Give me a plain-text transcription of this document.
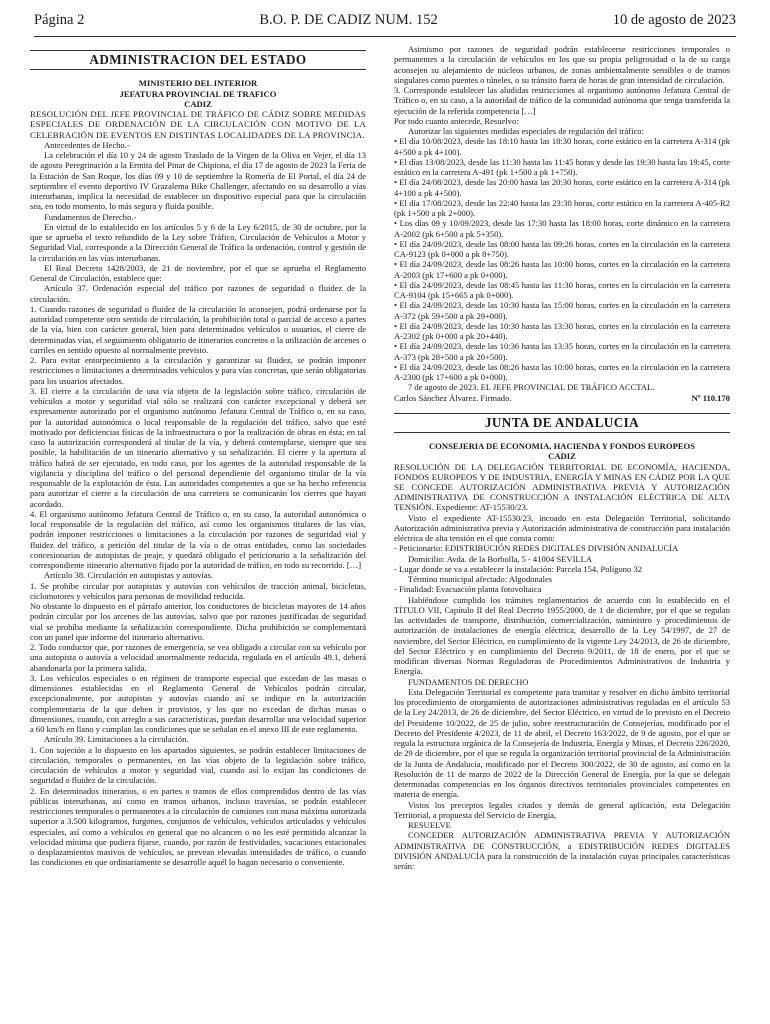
Página 2	B.O. P. DE CADIZ NUM. 152	10 de agosto de 2023
ADMINISTRACION DEL ESTADO

MINISTERIO DEL INTERIOR

JEFATURA PROVINCIAL DE TRAFICO

CADIZ

RESOLUCIÓN DEL JEFE PROVINCIAL DE TRÁFICO DE CÁDIZ SOBRE MEDIDAS ESPECIALES DE ORDENACIÓN DE LA CIRCULACIÓN CON MOTIVO DE LA CELEBRACIÓN DE EVENTOS EN DISTINTAS LOCALIDADES DE LA PROVINCIA.

Antecedentes de Hecho.-

La celebración el día 10 y 24 de agosto Traslado de la Virgen de la Oliva en Vejer, el día 13 de agosto Peregrinación a la Ermita del Pinar de Chipiona, el día 17 de agosto de 2023 la Feria de la Estación de San Roque, los días 09 y 10 de septiembre la Romería de El Portal, el día 24 de septiembre el evento deportivo IV Grazalema Bike Challenger, afectando en su desarrollo a vías interurbanas, implica la necesidad de establecer un dispositivo especial para que la circulación sea, en todo momento, lo más segura y fluida posible.

Fundamentos de Derecho.-

En virtud de lo establecido en los artículos 5 y 6 de la Ley 6/2015, de 30 de octubre, por la que se aprueba el texto refundido de la Ley sobre Tráfico, Circulación de Vehículos a Motor y Seguridad Vial, corresponde a la Dirección General de Tráfico la ordenación, control y gestión de la circulación en las vías interurbanas.

El Real Decreto 1428/2003, de 21 de noviembre, por el que se aprueba el Reglamento General de Circulación, establece que:

Artículo 37. Ordenación especial del tráfico por razones de seguridad o fluidez de la circulación.

1. Cuando razones de seguridad o fluidez de la circulación lo aconsejen, podrá ordenarse por la autoridad competente otro sentido de circulación, la prohibición total o parcial de acceso a partes de la vía, bien con carácter general, bien para determinados vehículos o usuarios, el cierre de determinadas vías, el seguimiento obligatorio de itinerarios concretos o la utilización de arcenes o carriles en sentido opuesto al normalmente previsto.

2. Para evitar entorpecimiento a la circulación y garantizar su fluidez, se podrán imponer restricciones o limitaciones a determinados vehículos y para vías concretas, que serán obligatorias para los usuarios afectados.

3. El cierre a la circulación de una vía objeto de la legislación sobre tráfico, circulación de vehículos a motor y seguridad vial sólo se realizará con carácter excepcional y deberá ser expresamente autorizado por el organismo autónomo Jefatura Central de Tráfico o, en su caso, por la autoridad autonómica o local responsable de la regulación del tráfico, salvo que esté motivado por deficiencias físicas de la infraestructura o por la realización de obras en ésta; en tal caso la autorización corresponderá al titular de la vía, y deberá contemplarse, siempre que sea posible, la habilitación de un itinerario alternativo y su señalización. El cierre y la apertura al tráfico habrá de ser ejecutado, en todo caso, por los agentes de la autoridad responsable de la vigilancia y disciplina del tráfico o del personal dependiente del organismo titular de la vía responsable de la explotación de ésta. Las autoridades competentes a que se ha hecho referencia para autorizar el cierre a la circulación de una carretera se comunicarán los cierres que hayan acordado.

4. El organismo autónomo Jefatura Central de Tráfico o, en su caso, la autoridad autonómica o local responsable de la regulación del tráfico, así como los organismos titulares de las vías, podrán imponer restricciones o limitaciones a la circulación por razones de seguridad vial y fluidez del tráfico, a petición del titular de la vía o de otras entidades, como las sociedades concesionarias de autopistas de peaje, y quedará obligado el peticionario a la señalización del correspondiente itinerario alternativo fijado por la autoridad de tráfico, en todo su recorrido. […]

Artículo 38. Circulación en autopistas y autovías.

1. Se prohíbe circular por autopistas y autovías con vehículos de tracción animal, bicicletas, ciclomotores y vehículos para personas de movilidad reducida.

No obstante lo dispuesto en el párrafo anterior, los conductores de bicicletas mayores de 14 años podrán circular por los arcenes de las autovías, salvo que por razones justificadas de seguridad vial se prohíba mediante la señalización correspondiente. Dicha prohibición se complementará con un panel que informe del itinerario alternativo.

2. Todo conductor que, por razones de emergencia, se vea obligado a circular con su vehículo por una autopista o autovía a velocidad anormalmente reducida, regulada en el artículo 49.1, deberá abandonarla por la primera salida.

3. Los vehículos especiales o en régimen de transporte especial que excedan de las masas o dimensiones establecidas en el Reglamento General de Vehículos podrán circular, excepcionalmente, por autopistas y autovías cuando así se indique en la autorización complementaria de la que deben ir provistos, y los que no excedan de dichas masas o dimensiones, cuando, con arreglo a sus características, puedan desarrollar una velocidad superior a 60 km/h en llano y cumplan las condiciones que se señalan en el anexo III de este reglamento.

Artículo 39. Limitaciones a la circulación.

1. Con sujeción a lo dispuesto en los apartados siguientes, se podrán establecer limitaciones de circulación, temporales o permanentes, en las vías objeto de la legislación sobre tráfico, circulación de vehículos a motor y seguridad vial, cuando así lo exijan las condiciones de seguridad o fluidez de la circulación.

2. En determinados itinerarios, o en partes o tramos de ellos comprendidos dentro de las vías públicas interurbanas, así como en tramos urbanos, incluso travesías, se podrán establecer restricciones temporales o permanentes a la circulación de camiones con masa máxima autorizada superior a 3.500 kilogramos, furgones, conjuntos de vehículos, vehículos articulados y vehículos especiales, así como a vehículos en general que no alcancen o no les esté permitido alcanzar la velocidad mínima que pudiera fijarse, cuando, por razón de festividades, vacaciones estacionales o desplazamientos masivos de vehículos, se prevean elevadas intensidades de tráfico, o cuando las condiciones en que ordinariamente se desarrolle aquél lo hagan necesario o conveniente.

Asimismo por razones de seguridad podrán establecerse restricciones temporales o permanentes a la circulación de vehículos en los que su propia peligrosidad o la de su carga aconsejen su alejamiento de núcleos urbanos, de zonas ambientalmente sensibles o de tramos singulares como puentes o túneles, o su tránsito fuera de horas de gran intensidad de circulación.

3. Corresponde establecer las aludidas restricciones al organismo autónomo Jefatura Central de Tráfico o, en su caso, a la autoridad de tráfico de la comunidad autónoma que tenga transferida la ejecución de la referida competencia […]

Por todo cuanto antecede, Resuelvo:

Autorizar las siguientes medidas especiales de regulación del tráfico:

• El día 10/08/2023, desde las 18:10 hasta las 18:30 horas, corte estático en la carretera A-314 (pk 4+500 a pk 4+100).

• El días 13/08/2023, desde las 11:30 hasta las 11:45 horas y desde las 19:30 hasta las 19:45, corte estático en la carretera A-491 (pk 1+500 a pk 1+750).

• El día 24/08/2023, desde las 20:00 hasta las 20:30 horas, corte estático en la carretera A-314 (pk 4+100 a pk 4+500).

• El día 17/08/2023, desde las 22:40 hasta las 23:30 horas, corte estático en la carretera A-405-R2 (pk 1+500 a pk 2+000).

• Los días 09 y 10/09/2023, desde las 17:30 hasta las 18:00 horas, corte dinámico en la carretera A-2002 (pk 6+500 a pk 5+350).

• El día 24/09/2023, desde las 08:00 hasta las 09:26 horas, cortes en la circulación en la carretera CA-9123 (pk 0+000 a pk 8+750).

• El día 24/09/2023, desde las 08:26 hasta las 10:00 horas, cortes en la circulación en la carretera A-2003 (pk 17+600 a pk 0+000).

• El día 24/09/2023, desde las 08:45 hasta las 11:30 horas, cortes en la circulación en la carretera CA-9104 (pk 15+665 a pk 0+000).

• El día 24/09/2023, desde las 10:30 hasta las 15:00 horas, cortes en la circulación en la carretera A-372 (pk 59+500 a pk 29+000).

• El día 24/09/2023, desde las 10:30 hasta las 13:30 horas, cortes en la circulación en la carretera A-2302 (pk 0+000 a pk 20+440).

• El día 24/09/2023, desde las 10:36 hasta las 13:35 horas, cortes en la circulación en la carretera A-373 (pk 28+500 a pk 20+500).

• El día 24/09/2023, desde las 08:26 hasta las 10:00 horas, cortes en la circulación en la carretera A-2300 (pk 17+600 a pk 0+000).

7 de agosto de 2023. EL JEFE PROVINCIAL DE TRÁFICO ACCTAL.

Carlos Sánchez Álvarez. Firmado.	Nº 110.170
JUNTA DE ANDALUCIA

CONSEJERIA DE ECONOMIA, HACIENDA Y FONDOS EUROPEOS

CADIZ

RESOLUCIÓN DE LA DELEGACIÓN TERRITORIAL DE ECONOMÍA, HACIENDA, FONDOS EUROPEOS Y DE INDUSTRIA, ENERGÍA Y MINAS EN CÁDIZ POR LA QUE SE CONCEDE AUTORIZACIÓN ADMINISTRATIVA PREVIA Y AUTORIZACIÓN ADMINISTRATIVA DE CONSTRUCCIÓN A INSTALACIÓN ELÉCTRICA DE ALTA TENSIÓN. Expediente: AT-15530/23.

Visto el expediente AT-15530/23, incoado en esta Delegación Territorial, solicitando Autorización administrativa previa y Autorización administrativa de construcción para instalación eléctrica de alta tensión en el que consta como:

- Peticionario: EDISTRIBUCIÓN REDES DIGITALES DIVISIÓN ANDALUCÍA

Domicilio: Avda. de la Borbolla, 5 - 41004 SEVILLA

- Lugar donde se va a establecer la instalación: Parcela 154, Polígono 32

Término municipal afectado: Algodonales

- Finalidad: Evacuación planta fotovoltaica

Habiéndose cumplido los trámites reglamentarios de acuerdo con lo establecido en el TÍTULO VII, Capítulo II del Real Decreto 1955/2000, de 1 de diciembre, por el que se regulan las actividades de transporte, distribución, comercialización, suministro y procedimientos de autorización de instalaciones de energía eléctrica, desarrollo de la Ley 54/1997, de 27 de noviembre, del Sector Eléctrico, en cumplimiento de la vigente Ley 24/2013, de 26 de diciembre, del Sector Eléctrico y en cumplimiento del Decreto 9/2011, de 18 de enero, por el que se modifican diversas Normas Reguladoras de Procedimientos Administrativos de Industria y Energía.

FUNDAMENTOS DE DERECHO

Esta Delegación Territorial es competente para tramitar y resolver en dicho ámbito territorial los procedimiento de otorgamiento de autorizaciones administrativas reguladas en el artículo 53 de la Ley 24/2013, de 26 de diciembre, del Sector Eléctrico, en virtud de lo previsto en el Decreto del Presidente 10/2022, de 25 de julio, sobre reestructuración de Consejerías, modificado por el Decreto del Presidente 4/2023, de 11 de abril, el Decreto 163/2022, de 9 de agosto, por el que se regula la estructura orgánica de la Consejería de Industria, Energía y Minas, el Decreto 226/2020, de 29 de diciembre, por el que se regula la organización territorial provincial de la Administración de la Junta de Andalucía, modificado por el Decreto 300/2022, de 30 de agosto, así como en la Resolución de 11 de marzo de 2022 de la Dirección General de Energía, por la que se delegan determinadas competencias en los órganos directivos territoriales provinciales competentes en materia de energía.

Vistos los preceptos legales citados y demás de general aplicación, esta Delegación Territorial, a propuesta del Servicio de Energía,

RESUELVE

CONCEDER AUTORIZACIÓN ADMINISTRATIVA PREVIA Y AUTORIZACIÓN ADMINISTRATIVA DE CONSTRUCCIÓN, a EDISTRIBUCIÓN REDES DIGITALES DIVISIÓN ANDALUCÍA para la construcción de la instalación cuyas principales características serán:
